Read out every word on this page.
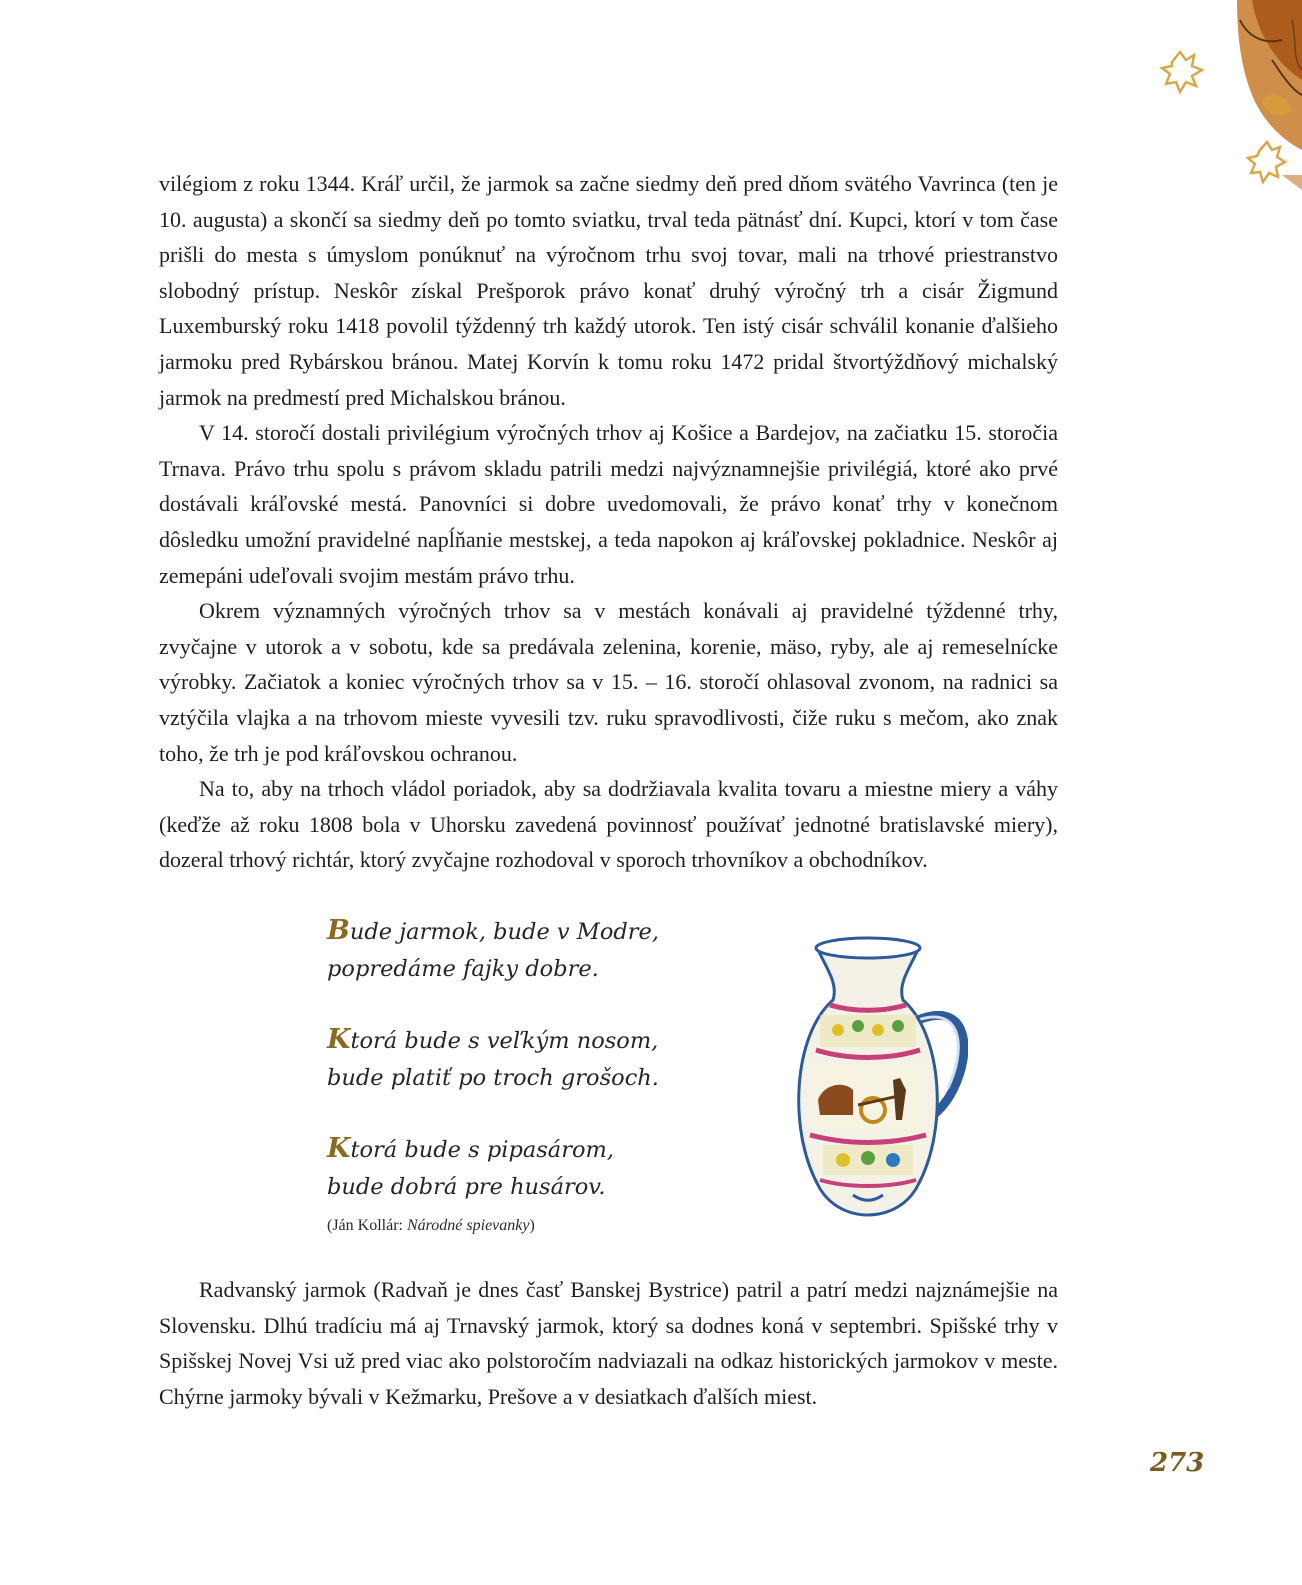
vilégiom z roku 1344. Kráľ určil, že jarmok sa začne siedmy deň pred dňom svätého Vavrinca (ten je 10. augusta) a skončí sa siedmy deň po tomto sviatku, trval teda pätnásť dní. Kupci, ktorí v tom čase prišli do mesta s úmyslom ponúknuť na výročnom trhu svoj tovar, mali na trhové priestranstvo slobodný prístup. Neskôr získal Prešporok právo konať druhý výročný trh a cisár Žigmund Luxemburský roku 1418 povolil týždenný trh každý utorok. Ten istý cisár schválil konanie ďalšieho jarmoku pred Rybárskou bránou. Matej Korvín k tomu roku 1472 pridal štvortýždňový michalský jarmok na predmestí pred Michalskou bránou.

V 14. storočí dostali privilégium výročných trhov aj Košice a Bardejov, na začiatku 15. storočia Trnava. Právo trhu spolu s právom skladu patrili medzi najvýznamnejšie privilégiá, ktoré ako prvé dostávali kráľovské mestá. Panovníci si dobre uvedomovali, že právo konať trhy v konečnom dôsledku umožní pravidelné napĺňanie mestskej, a teda napokon aj kráľovskej pokladnice. Neskôr aj zemepáni udeľovali svojim mestám právo trhu.

Okrem významných výročných trhov sa v mestách konávali aj pravidelné týždenné trhy, zvyčajne v utorok a v sobotu, kde sa predávala zelenina, korenie, mäso, ryby, ale aj remeselnícke výrobky. Začiatok a koniec výročných trhov sa v 15. – 16. storočí ohlasoval zvonom, na radnici sa vztýčila vlajka a na trhovom mieste vyvesili tzv. ruku spravodlivosti, čiže ruku s mečom, ako znak toho, že trh je pod kráľovskou ochranou.

Na to, aby na trhoch vládol poriadok, aby sa dodržiavala kvalita tovaru a miestne miery a váhy (keďže až roku 1808 bola v Uhorsku zavedená povinnosť používať jednotné bratislavské miery), dozeral trhový richtár, ktorý zvyčajne rozhodoval v sporoch trhovníkov a obchodníkov.

Bude jarmok, bude v Modre,
popredáme fajky dobre.
Ktorá bude s veľkým nosom,
bude platiť po troch grošoch.
Ktorá bude s pipasárom,
bude dobrá pre husárov.
(Ján Kollár: Národné spievanky)

Radvanský jarmok (Radvaň je dnes časť Banskej Bystrice) patril a patrí medzi najznámejšie na Slovensku. Dlhú tradíciu má aj Trnavský jarmok, ktorý sa dodnes koná v septembri. Spišské trhy v Spišskej Novej Vsi už pred viac ako polstoročím nadviazali na odkaz historických jarmokov v meste. Chýrne jarmoky bývali v Kežmarku, Prešove a v desiatkach ďalších miest.

273
